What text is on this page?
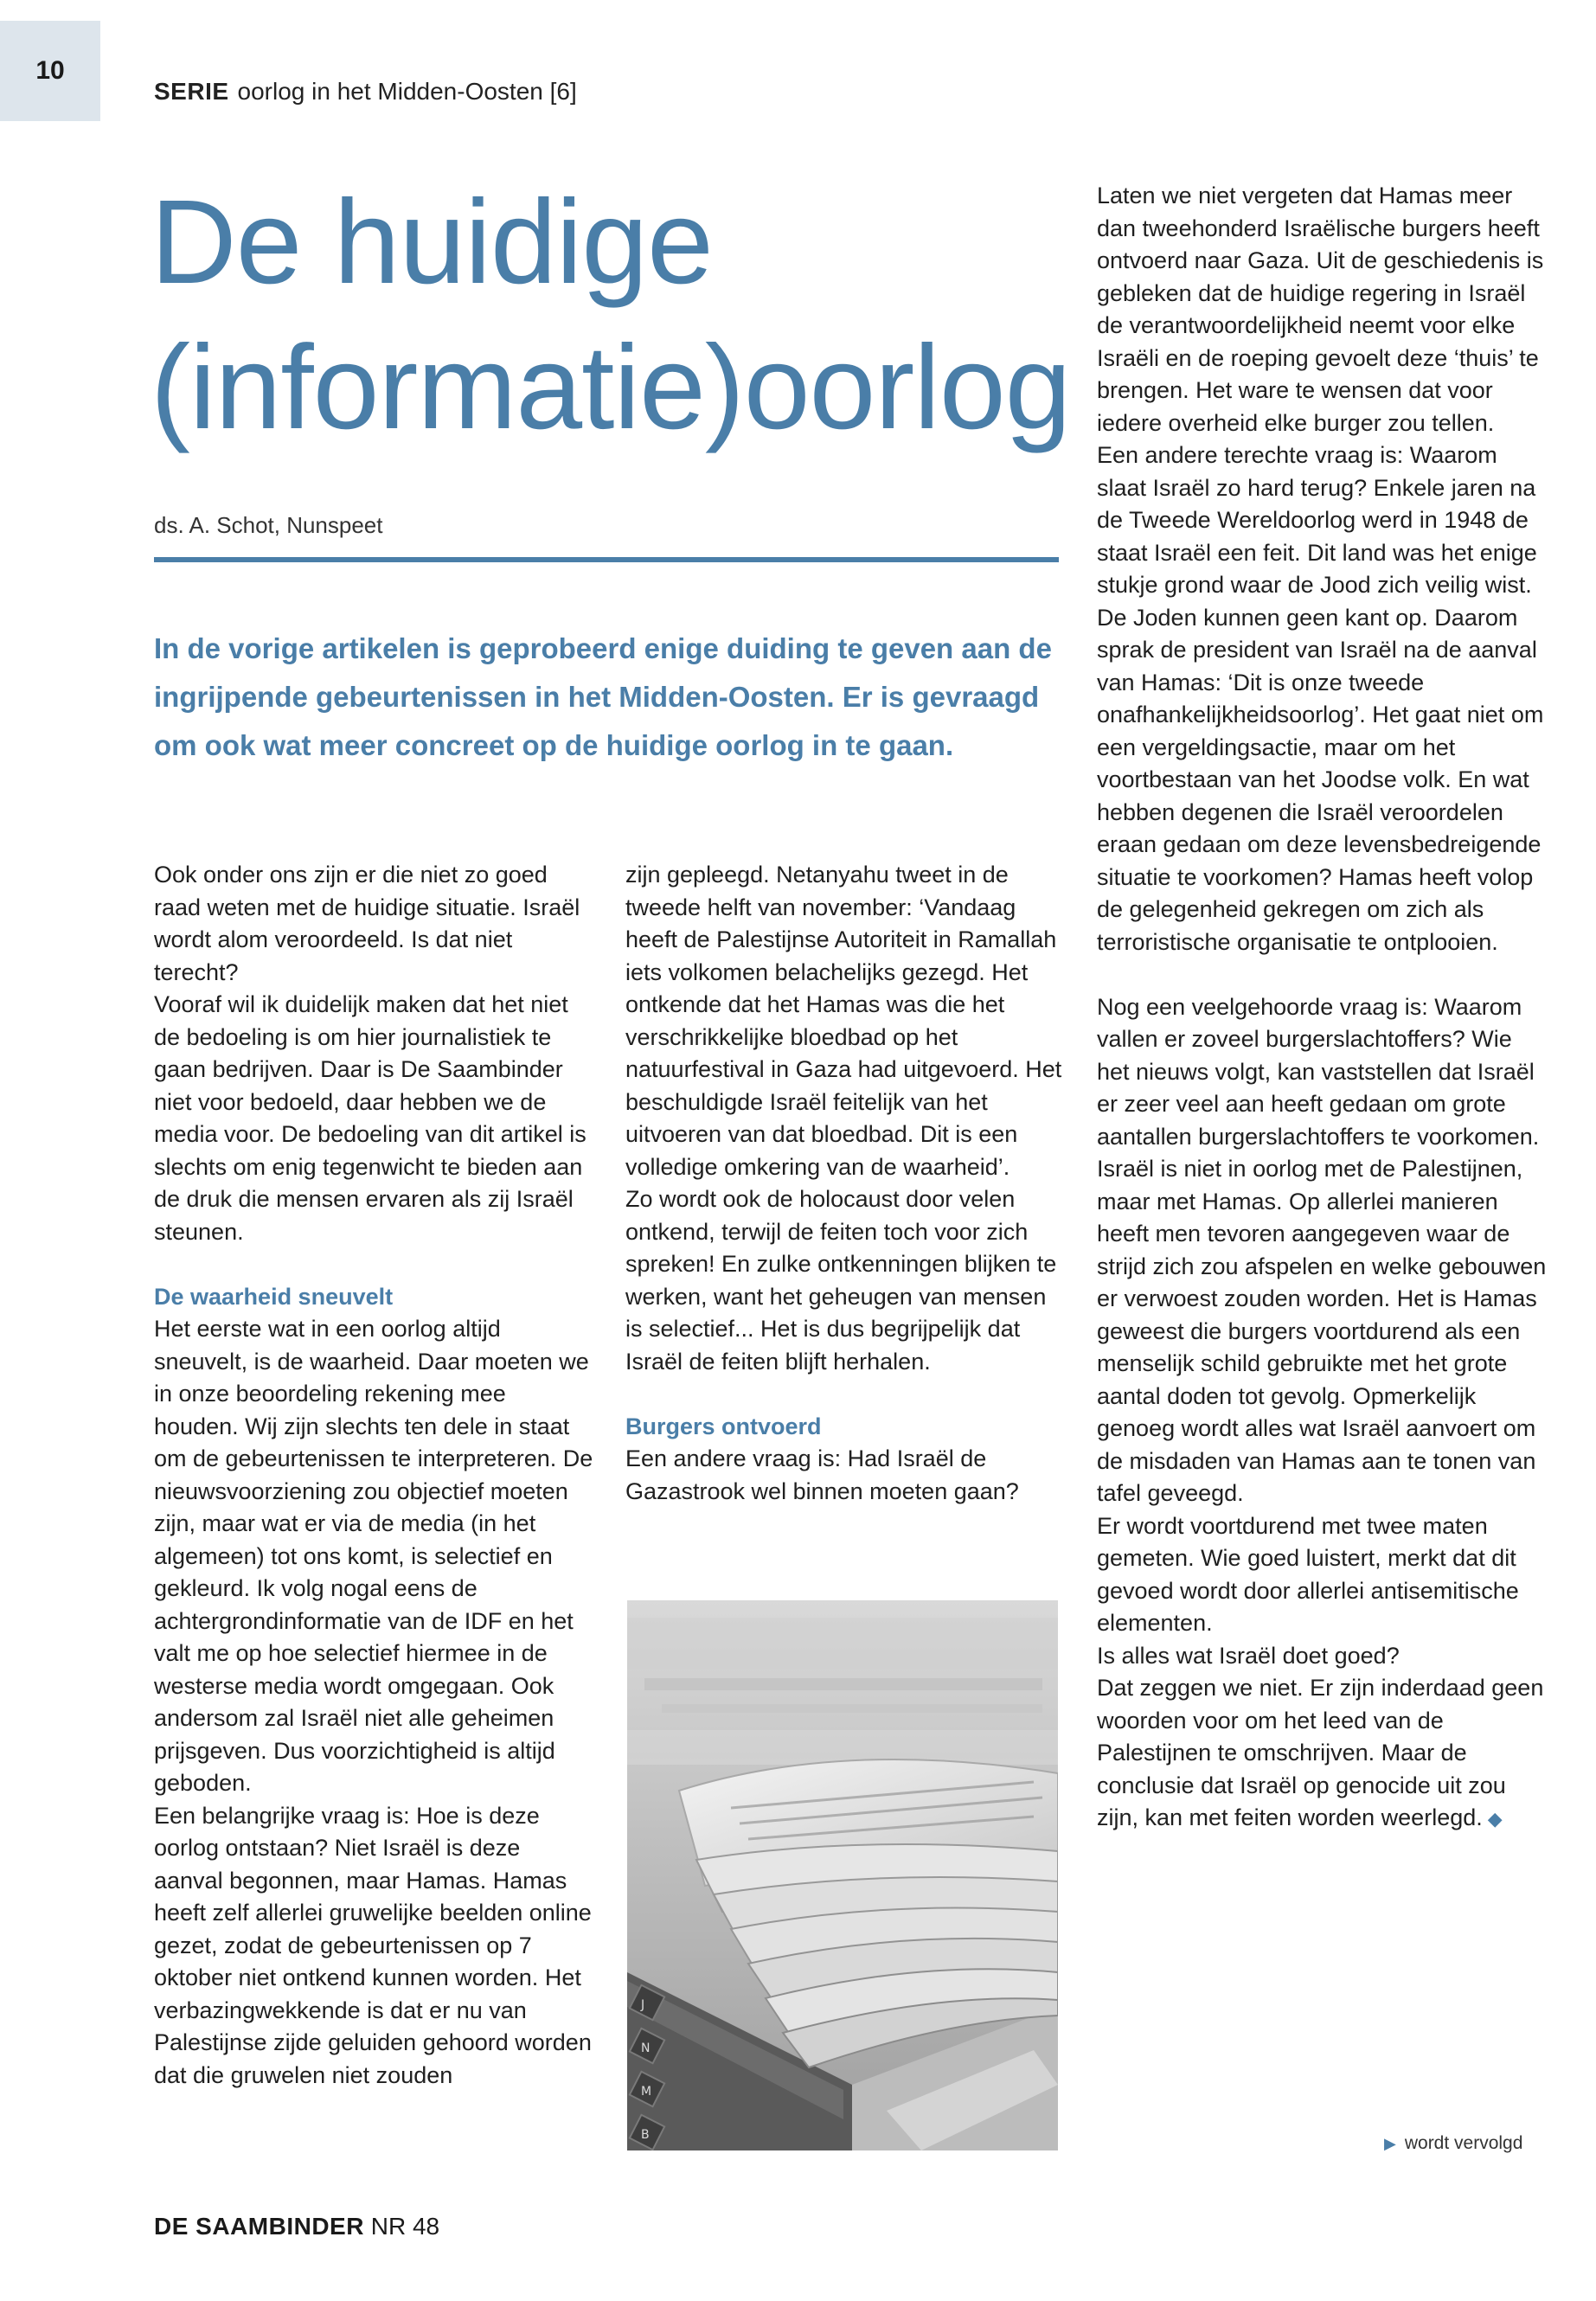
10
SERIE oorlog in het Midden-Oosten [6]
De huidige
(informatie)oorlog
ds. A. Schot, Nunspeet
In de vorige artikelen is geprobeerd enige duiding te geven aan de ingrijpende gebeurtenissen in het Midden-Oosten. Er is gevraagd om ook wat meer concreet op de huidige oorlog in te gaan.

Ook onder ons zijn er die niet zo goed raad weten met de huidige situatie. Israël wordt alom veroordeeld. Is dat niet terecht?

Vooraf wil ik duidelijk maken dat het niet de bedoeling is om hier journalistiek te gaan bedrijven. Daar is De Saambinder niet voor bedoeld, daar hebben we de media voor. De bedoeling van dit artikel is slechts om enig tegenwicht te bieden aan de druk die mensen ervaren als zij Israël steunen.

De waarheid sneuvelt

Het eerste wat in een oorlog altijd sneuvelt, is de waarheid. Daar moeten we in onze beoordeling rekening mee houden. Wij zijn slechts ten dele in staat om de gebeurtenissen te interpreteren. De nieuwsvoorziening zou objectief moeten zijn, maar wat er via de media (in het algemeen) tot ons komt, is selectief en gekleurd. Ik volg nogal eens de achtergrondinformatie van de IDF en het valt me op hoe selectief hiermee in de westerse media wordt omgegaan. Ook andersom zal Israël niet alle geheimen prijsgeven. Dus voorzichtigheid is altijd geboden.

Een belangrijke vraag is: Hoe is deze oorlog ontstaan? Niet Israël is deze aanval begonnen, maar Hamas. Hamas heeft zelf allerlei gruwelijke beelden online gezet, zodat de gebeurtenissen op 7 oktober niet ontkend kunnen worden. Het verbazingwekkende is dat er nu van Palestijnse zijde geluiden gehoord worden dat die gruwelen niet zouden

zijn gepleegd. Netanyahu tweet in de tweede helft van november: ‘Vandaag heeft de Palestijnse Autoriteit in Ramallah iets volkomen belachelijks gezegd. Het ontkende dat het Hamas was die het verschrikkelijke bloedbad op het natuurfestival in Gaza had uitgevoerd. Het beschuldigde Israël feitelijk van het uitvoeren van dat bloedbad. Dit is een volledige omkering van de waarheid’.

Zo wordt ook de holocaust door velen ontkend, terwijl de feiten toch voor zich spreken! En zulke ontkenningen blijken te werken, want het geheugen van mensen is selectief... Het is dus begrijpelijk dat Israël de feiten blijft herhalen.

Burgers ontvoerd

Een andere vraag is: Had Israël de Gazastrook wel binnen moeten gaan?

J
N
M
B

Laten we niet vergeten dat Hamas meer dan tweehonderd Israëlische burgers heeft ontvoerd naar Gaza. Uit de geschiedenis is gebleken dat de huidige regering in Israël de verantwoordelijkheid neemt voor elke Israëli en de roeping gevoelt deze ‘thuis’ te brengen. Het ware te wensen dat voor iedere overheid elke burger zou tellen.

Een andere terechte vraag is: Waarom slaat Israël zo hard terug? Enkele jaren na de Tweede Wereldoorlog werd in 1948 de staat Israël een feit. Dit land was het enige stukje grond waar de Jood zich veilig wist. De Joden kunnen geen kant op. Daarom sprak de president van Israël na de aanval van Hamas: ‘Dit is onze tweede onafhankelijkheidsoorlog’. Het gaat niet om een vergeldingsactie, maar om het voortbestaan van het Joodse volk. En wat hebben degenen die Israël veroordelen eraan gedaan om deze levensbedreigende situatie te voorkomen? Hamas heeft volop de gelegenheid gekregen om zich als terroristische organisatie te ontplooien.

Nog een veelgehoorde vraag is: Waarom vallen er zoveel burgerslachtoffers? Wie het nieuws volgt, kan vaststellen dat Israël er zeer veel aan heeft gedaan om grote aantallen burgerslachtoffers te voorkomen. Israël is niet in oorlog met de Palestijnen, maar met Hamas. Op allerlei manieren heeft men tevoren aangegeven waar de strijd zich zou afspelen en welke gebouwen er verwoest zouden worden. Het is Hamas geweest die burgers voortdurend als een menselijk schild gebruikte met het grote aantal doden tot gevolg. Opmerkelijk genoeg wordt alles wat Israël aanvoert om de misdaden van Hamas aan te tonen van tafel geveegd.

Er wordt voortdurend met twee maten gemeten. Wie goed luistert, merkt dat dit gevoed wordt door allerlei antisemitische elementen.

Is alles wat Israël doet goed?

Dat zeggen we niet. Er zijn inderdaad geen woorden voor om het leed van de Palestijnen te omschrijven. Maar de conclusie dat Israël op genocide uit zou zijn, kan met feiten worden weerlegd. ◆

▶ wordt vervolgd
DE SAAMBINDER NR 48
